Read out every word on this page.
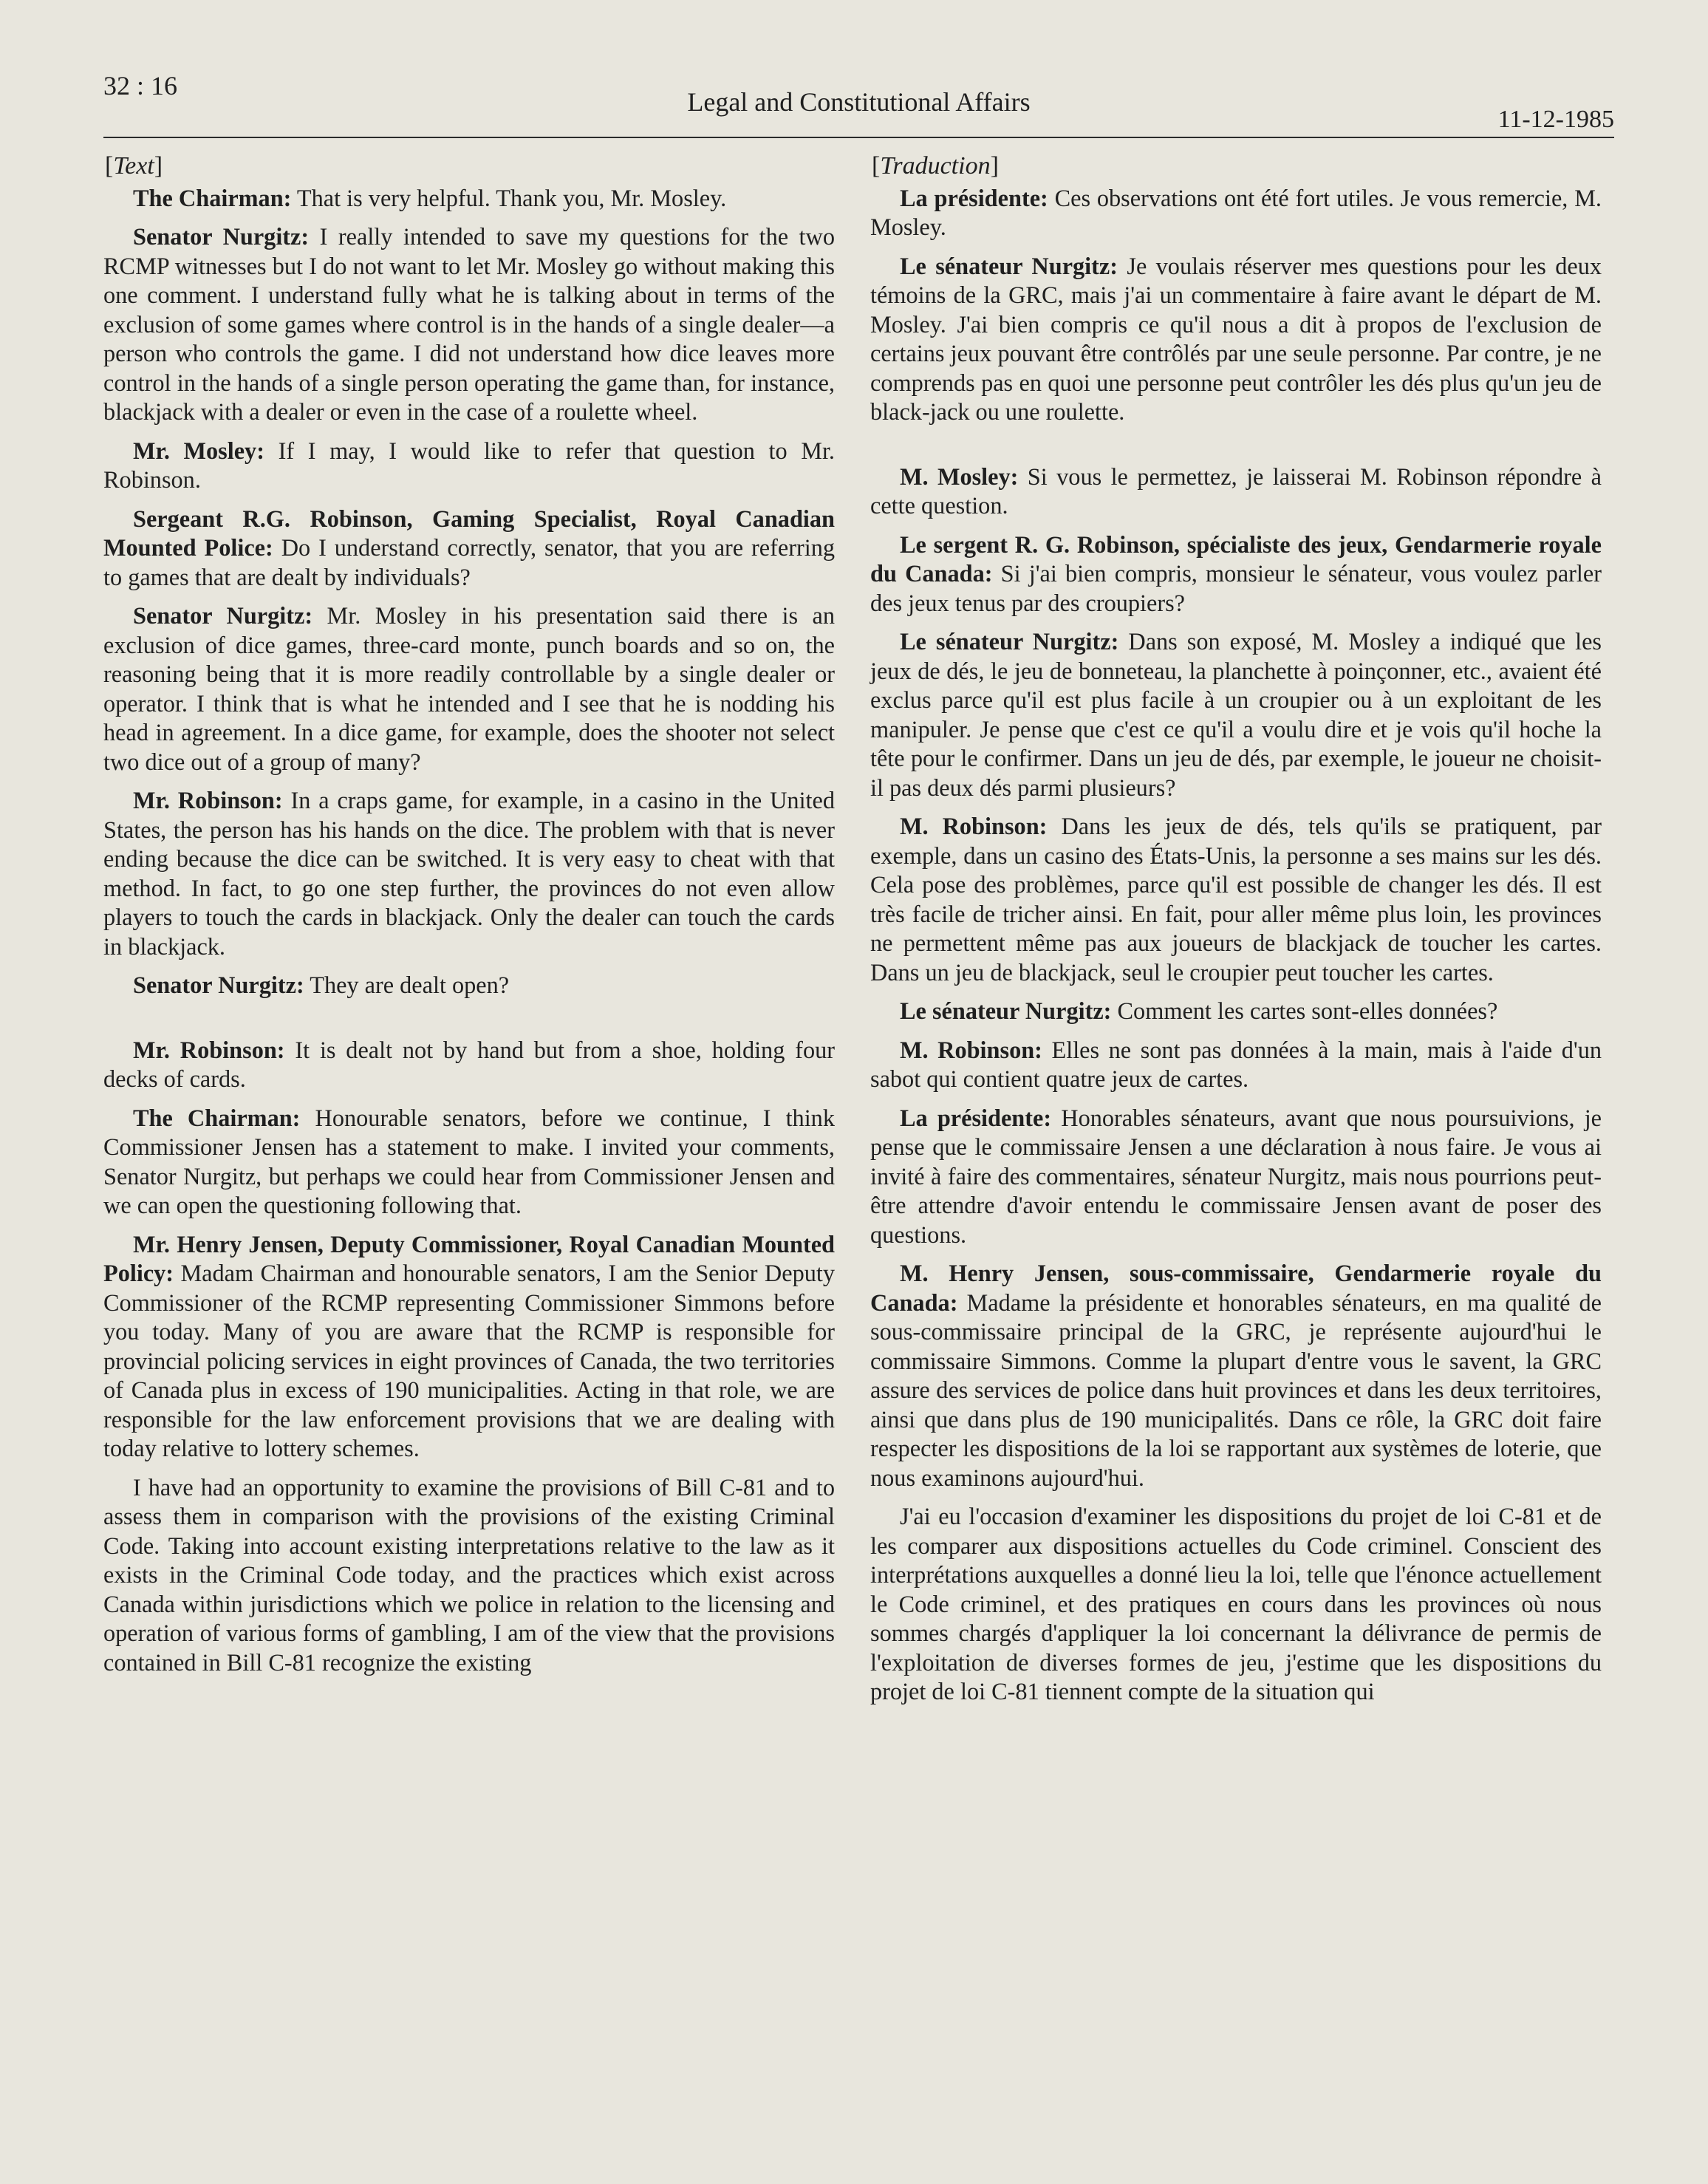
32 : 16
Legal and Constitutional Affairs
11-12-1985
[Text]

The Chairman: That is very helpful. Thank you, Mr. Mosley.

Senator Nurgitz: I really intended to save my questions for the two RCMP witnesses but I do not want to let Mr. Mosley go without making this one comment. I understand fully what he is talking about in terms of the exclusion of some games where control is in the hands of a single dealer—a person who controls the game. I did not understand how dice leaves more control in the hands of a single person operating the game than, for instance, blackjack with a dealer or even in the case of a roulette wheel.

Mr. Mosley: If I may, I would like to refer that question to Mr. Robinson.

Sergeant R.G. Robinson, Gaming Specialist, Royal Canadian Mounted Police: Do I understand correctly, senator, that you are referring to games that are dealt by individuals?

Senator Nurgitz: Mr. Mosley in his presentation said there is an exclusion of dice games, three-card monte, punch boards and so on, the reasoning being that it is more readily controllable by a single dealer or operator. I think that is what he intended and I see that he is nodding his head in agreement. In a dice game, for example, does the shooter not select two dice out of a group of many?

Mr. Robinson: In a craps game, for example, in a casino in the United States, the person has his hands on the dice. The problem with that is never ending because the dice can be switched. It is very easy to cheat with that method. In fact, to go one step further, the provinces do not even allow players to touch the cards in blackjack. Only the dealer can touch the cards in blackjack.

Senator Nurgitz: They are dealt open?

Mr. Robinson: It is dealt not by hand but from a shoe, holding four decks of cards.

The Chairman: Honourable senators, before we continue, I think Commissioner Jensen has a statement to make. I invited your comments, Senator Nurgitz, but perhaps we could hear from Commissioner Jensen and we can open the questioning following that.

Mr. Henry Jensen, Deputy Commissioner, Royal Canadian Mounted Policy: Madam Chairman and honourable senators, I am the Senior Deputy Commissioner of the RCMP representing Commissioner Simmons before you today. Many of you are aware that the RCMP is responsible for provincial policing services in eight provinces of Canada, the two territories of Canada plus in excess of 190 municipalities. Acting in that role, we are responsible for the law enforcement provisions that we are dealing with today relative to lottery schemes.

I have had an opportunity to examine the provisions of Bill C-81 and to assess them in comparison with the provisions of the existing Criminal Code. Taking into account existing interpretations relative to the law as it exists in the Criminal Code today, and the practices which exist across Canada within jurisdictions which we police in relation to the licensing and operation of various forms of gambling, I am of the view that the provisions contained in Bill C-81 recognize the existing

[Traduction]

La présidente: Ces observations ont été fort utiles. Je vous remercie, M. Mosley.

Le sénateur Nurgitz: Je voulais réserver mes questions pour les deux témoins de la GRC, mais j'ai un commentaire à faire avant le départ de M. Mosley. J'ai bien compris ce qu'il nous a dit à propos de l'exclusion de certains jeux pouvant être contrôlés par une seule personne. Par contre, je ne comprends pas en quoi une personne peut contrôler les dés plus qu'un jeu de black-jack ou une roulette.

M. Mosley: Si vous le permettez, je laisserai M. Robinson répondre à cette question.

Le sergent R. G. Robinson, spécialiste des jeux, Gendarmerie royale du Canada: Si j'ai bien compris, monsieur le sénateur, vous voulez parler des jeux tenus par des croupiers?

Le sénateur Nurgitz: Dans son exposé, M. Mosley a indiqué que les jeux de dés, le jeu de bonneteau, la planchette à poinçonner, etc., avaient été exclus parce qu'il est plus facile à un croupier ou à un exploitant de les manipuler. Je pense que c'est ce qu'il a voulu dire et je vois qu'il hoche la tête pour le confirmer. Dans un jeu de dés, par exemple, le joueur ne choisit-il pas deux dés parmi plusieurs?

M. Robinson: Dans les jeux de dés, tels qu'ils se pratiquent, par exemple, dans un casino des États-Unis, la personne a ses mains sur les dés. Cela pose des problèmes, parce qu'il est possible de changer les dés. Il est très facile de tricher ainsi. En fait, pour aller même plus loin, les provinces ne permettent même pas aux joueurs de blackjack de toucher les cartes. Dans un jeu de blackjack, seul le croupier peut toucher les cartes.

Le sénateur Nurgitz: Comment les cartes sont-elles données?

M. Robinson: Elles ne sont pas données à la main, mais à l'aide d'un sabot qui contient quatre jeux de cartes.

La présidente: Honorables sénateurs, avant que nous poursuivions, je pense que le commissaire Jensen a une déclaration à nous faire. Je vous ai invité à faire des commentaires, sénateur Nurgitz, mais nous pourrions peut-être attendre d'avoir entendu le commissaire Jensen avant de poser des questions.

M. Henry Jensen, sous-commissaire, Gendarmerie royale du Canada: Madame la présidente et honorables sénateurs, en ma qualité de sous-commissaire principal de la GRC, je représente aujourd'hui le commissaire Simmons. Comme la plupart d'entre vous le savent, la GRC assure des services de police dans huit provinces et dans les deux territoires, ainsi que dans plus de 190 municipalités. Dans ce rôle, la GRC doit faire respecter les dispositions de la loi se rapportant aux systèmes de loterie, que nous examinons aujourd'hui.

J'ai eu l'occasion d'examiner les dispositions du projet de loi C-81 et de les comparer aux dispositions actuelles du Code criminel. Conscient des interprétations auxquelles a donné lieu la loi, telle que l'énonce actuellement le Code criminel, et des pratiques en cours dans les provinces où nous sommes chargés d'appliquer la loi concernant la délivrance de permis de l'exploitation de diverses formes de jeu, j'estime que les dispositions du projet de loi C-81 tiennent compte de la situation qui
